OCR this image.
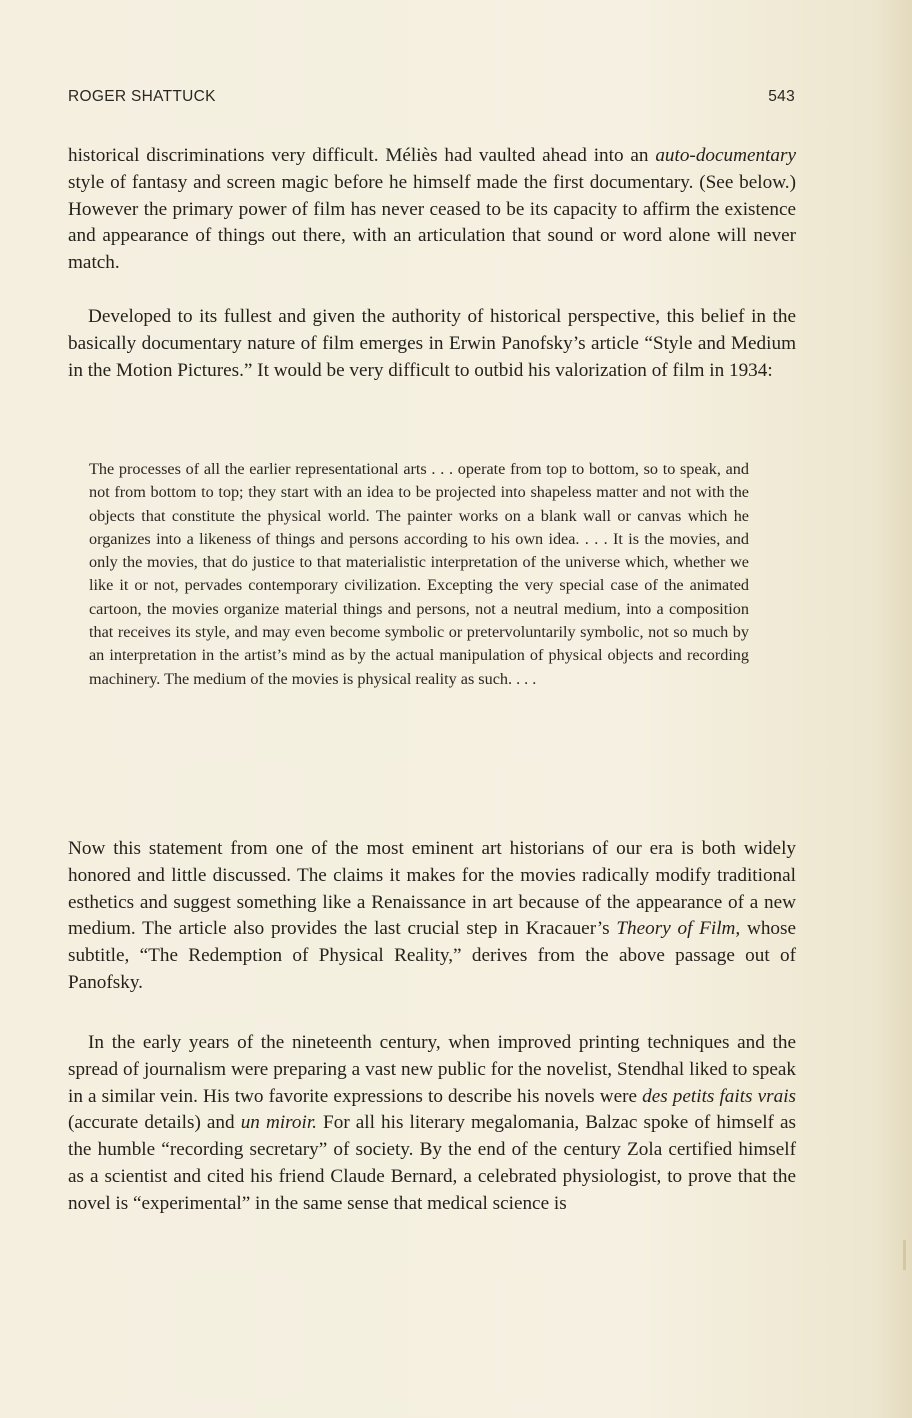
ROGER SHATTUCK	543

historical discriminations very difficult. Méliès had vaulted ahead into an auto-documentary style of fantasy and screen magic before he himself made the first documentary. (See below.) However the primary power of film has never ceased to be its capacity to affirm the existence and appearance of things out there, with an articulation that sound or word alone will never match.

Developed to its fullest and given the authority of historical perspective, this belief in the basically documentary nature of film emerges in Erwin Panofsky’s article “Style and Medium in the Motion Pictures.” It would be very difficult to outbid his valorization of film in 1934:

The processes of all the earlier representational arts . . . operate from top to bottom, so to speak, and not from bottom to top; they start with an idea to be projected into shapeless matter and not with the objects that constitute the physical world. The painter works on a blank wall or canvas which he organizes into a likeness of things and persons according to his own idea. . . . It is the movies, and only the movies, that do justice to that materialistic interpretation of the universe which, whether we like it or not, pervades contemporary civilization. Excepting the very special case of the animated cartoon, the movies organize material things and persons, not a neutral medium, into a composition that receives its style, and may even become symbolic or pretervoluntarily symbolic, not so much by an interpretation in the artist’s mind as by the actual manipulation of physical objects and recording machinery. The medium of the movies is physical reality as such. . . .

Now this statement from one of the most eminent art historians of our era is both widely honored and little discussed. The claims it makes for the movies radically modify traditional esthetics and suggest something like a Renaissance in art because of the appearance of a new medium. The article also provides the last crucial step in Kracauer’s Theory of Film, whose subtitle, “The Redemption of Physical Reality,” derives from the above passage out of Panofsky.

In the early years of the nineteenth century, when improved printing techniques and the spread of journalism were preparing a vast new public for the novelist, Stendhal liked to speak in a similar vein. His two favorite expressions to describe his novels were des petits faits vrais (accurate details) and un miroir. For all his literary megalomania, Balzac spoke of himself as the humble “recording secretary” of society. By the end of the century Zola certified himself as a scientist and cited his friend Claude Bernard, a celebrated physiologist, to prove that the novel is “experimental” in the same sense that medical science is
